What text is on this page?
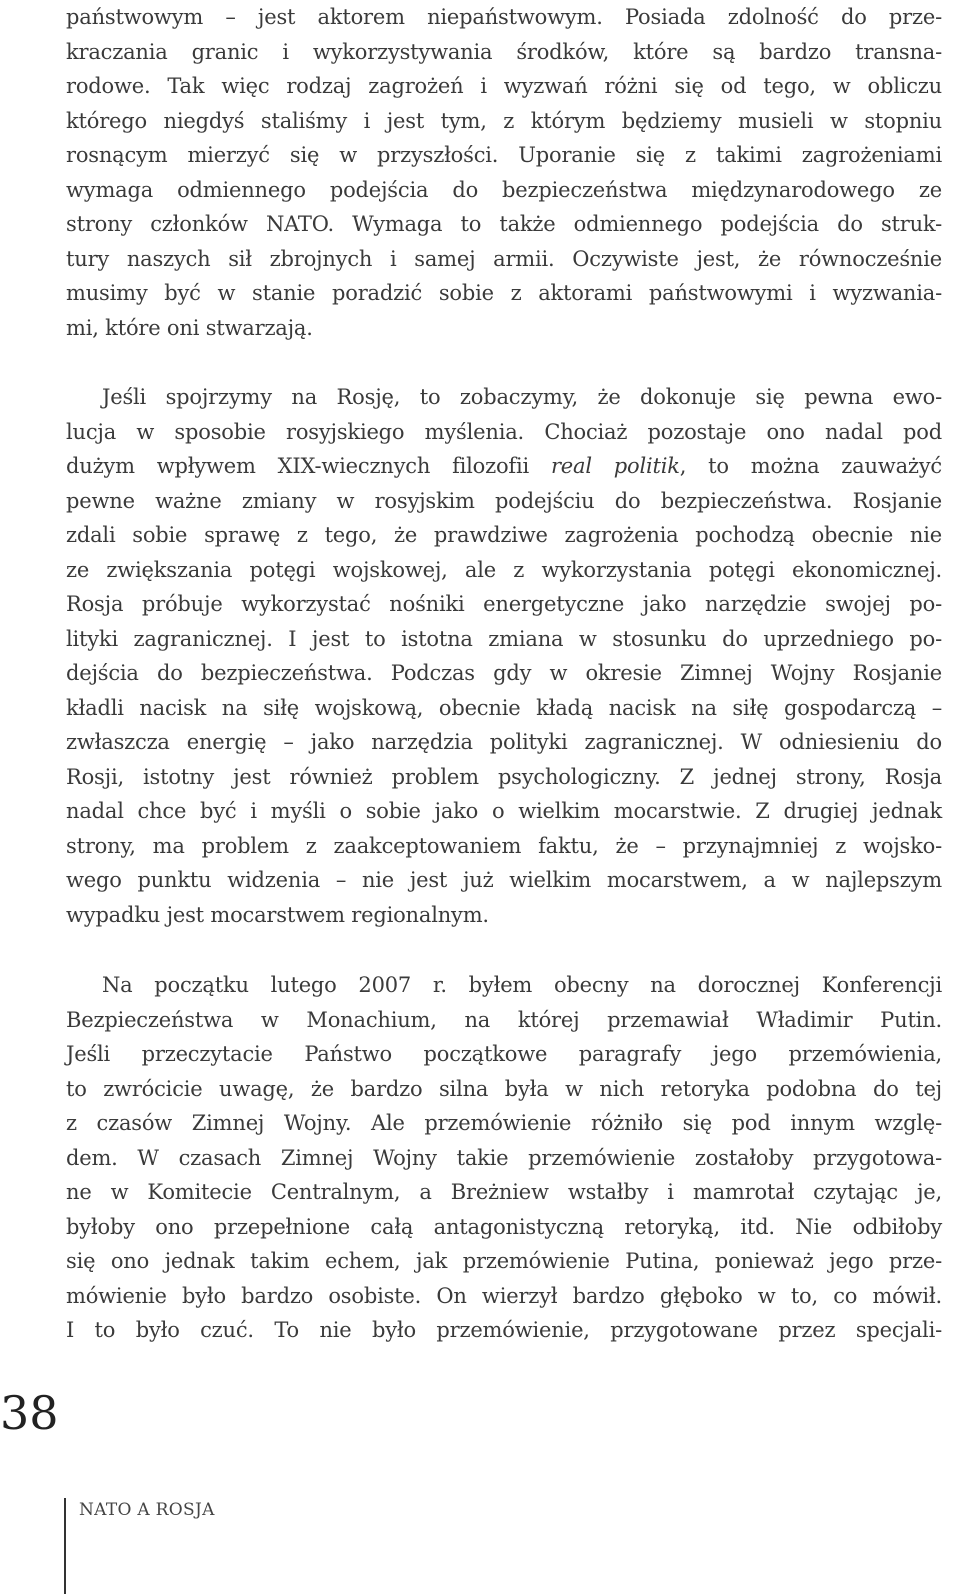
państwowym – jest aktorem niepaństwowym. Posiada zdolność do prze-
kraczania granic i wykorzystywania środków, które są bardzo transna-
rodowe. Tak więc rodzaj zagrożeń i wyzwań różni się od tego, w obliczu
którego niegdyś staliśmy i jest tym, z którym będziemy musieli w stopniu
rosnącym mierzyć się w przyszłości. Uporanie się z takimi zagrożeniami
wymaga odmiennego podejścia do bezpieczeństwa międzynarodowego ze
strony członków NATO. Wymaga to także odmiennego podejścia do struk-
tury naszych sił zbrojnych i samej armii. Oczywiste jest, że równocześnie
musimy być w stanie poradzić sobie z aktorami państwowymi i wyzwania-
mi, które oni stwarzają.
Jeśli spojrzymy na Rosję, to zobaczymy, że dokonuje się pewna ewo-
lucja w sposobie rosyjskiego myślenia. Chociaż pozostaje ono nadal pod
dużym wpływem XIX-wiecznych filozofii real politik, to można zauważyć
pewne ważne zmiany w rosyjskim podejściu do bezpieczeństwa. Rosjanie
zdali sobie sprawę z tego, że prawdziwe zagrożenia pochodzą obecnie nie
ze zwiększania potęgi wojskowej, ale z wykorzystania potęgi ekonomicznej.
Rosja próbuje wykorzystać nośniki energetyczne jako narzędzie swojej po-
lityki zagranicznej. I jest to istotna zmiana w stosunku do uprzedniego po-
dejścia do bezpieczeństwa. Podczas gdy w okresie Zimnej Wojny Rosjanie
kładli nacisk na siłę wojskową, obecnie kładą nacisk na siłę gospodarczą –
zwłaszcza energię – jako narzędzia polityki zagranicznej. W odniesieniu do
Rosji, istotny jest również problem psychologiczny. Z jednej strony, Rosja
nadal chce być i myśli o sobie jako o wielkim mocarstwie. Z drugiej jednak
strony, ma problem z zaakceptowaniem faktu, że – przynajmniej z wojsko-
wego punktu widzenia – nie jest już wielkim mocarstwem, a w najlepszym
wypadku jest mocarstwem regionalnym.
Na początku lutego 2007 r. byłem obecny na dorocznej Konferencji
Bezpieczeństwa w Monachium, na której przemawiał Władimir Putin.
Jeśli przeczytacie Państwo początkowe paragrafy jego przemówienia,
to zwrócicie uwagę, że bardzo silna była w nich retoryka podobna do tej
z czasów Zimnej Wojny. Ale przemówienie różniło się pod innym wzglę-
dem. W czasach Zimnej Wojny takie przemówienie zostałoby przygotowa-
ne w Komitecie Centralnym, a Breżniew wstałby i mamrotał czytając je,
byłoby ono przepełnione całą antagonistyczną retoryką, itd. Nie odbiłoby
się ono jednak takim echem, jak przemówienie Putina, ponieważ jego prze-
mówienie było bardzo osobiste. On wierzył bardzo głęboko w to, co mówił.
I to było czuć. To nie było przemówienie, przygotowane przez specjali-
38
NATO A ROSJA
